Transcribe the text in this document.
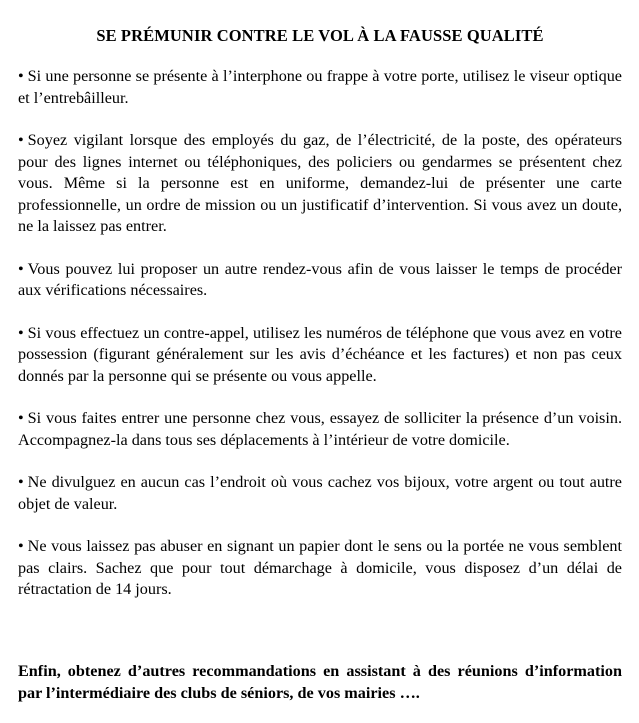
SE PRÉMUNIR CONTRE LE VOL À LA FAUSSE QUALITÉ

• Si une personne se présente à l’interphone ou frappe à votre porte, utilisez le viseur optique et l’entrebâilleur.

• Soyez vigilant lorsque des employés du gaz, de l’électricité, de la poste, des opérateurs pour des lignes internet ou téléphoniques, des policiers ou gendarmes se présentent chez vous. Même si la personne est en uniforme, demandez-lui de présenter une carte professionnelle, un ordre de mission ou un justificatif d’intervention. Si vous avez un doute, ne la laissez pas entrer.

• Vous pouvez lui proposer un autre rendez-vous afin de vous laisser le temps de procéder aux vérifications nécessaires.

• Si vous effectuez un contre-appel, utilisez les numéros de téléphone que vous avez en votre possession (figurant généralement sur les avis d’échéance et les factures) et non pas ceux donnés par la personne qui se présente ou vous appelle.

• Si vous faites entrer une personne chez vous, essayez de solliciter la présence d’un voisin. Accompagnez-la dans tous ses déplacements à l’intérieur de votre domicile.

• Ne divulguez en aucun cas l’endroit où vous cachez vos bijoux, votre argent ou tout autre objet de valeur.

• Ne vous laissez pas abuser en signant un papier dont le sens ou la portée ne vous semblent pas clairs. Sachez que pour tout démarchage à domicile, vous disposez d’un délai de rétractation de 14 jours.

Enfin, obtenez d’autres recommandations en assistant à des réunions d’information par l’intermédiaire des clubs de séniors, de vos mairies ….
